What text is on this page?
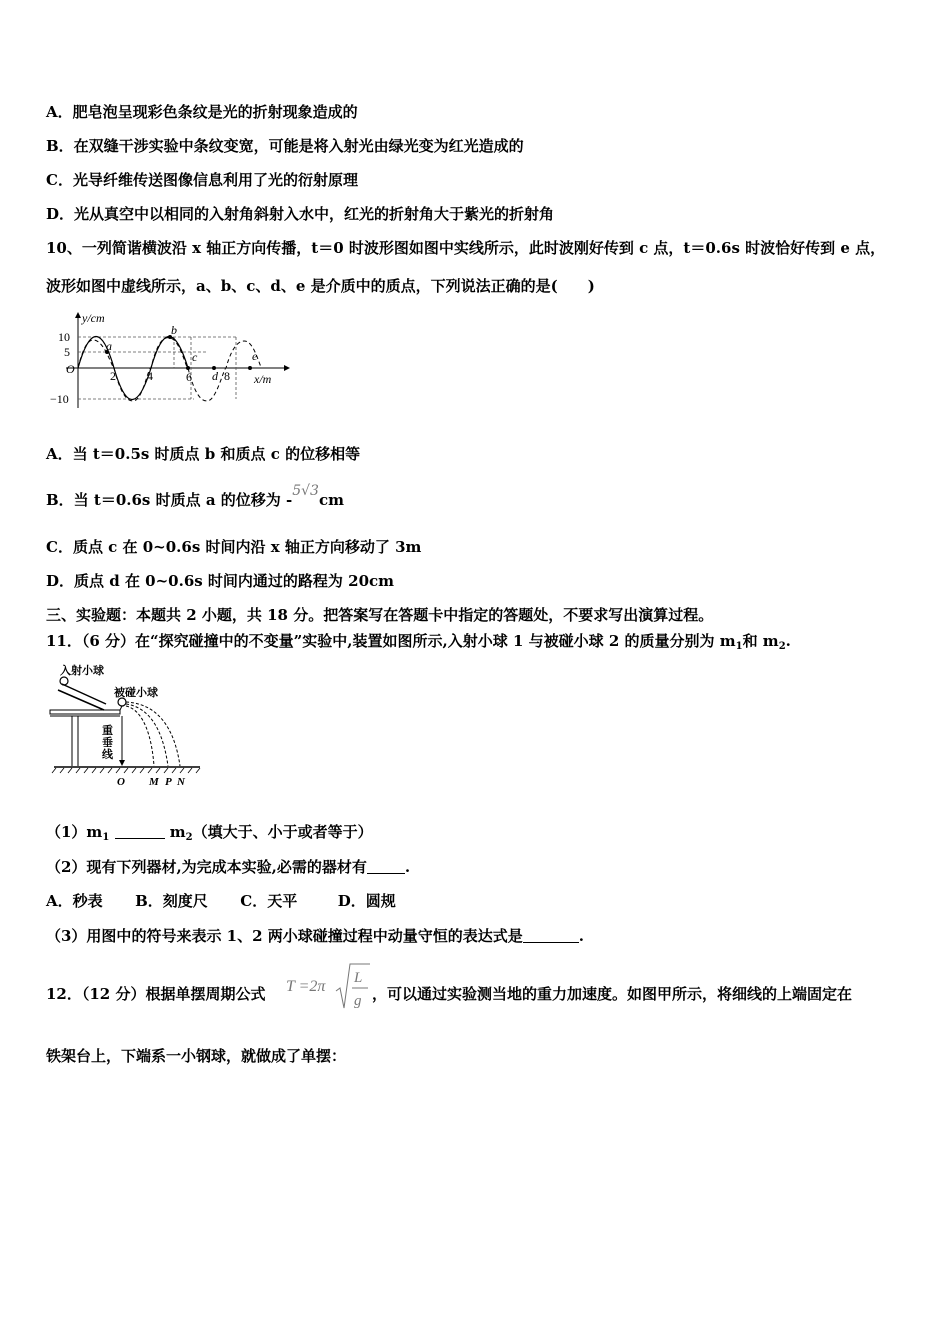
A．肥皂泡呈现彩色条纹是光的折射现象造成的
B．在双缝干涉实验中条纹变宽，可能是将入射光由绿光变为红光造成的
C．光导纤维传送图像信息利用了光的衍射原理
D．光从真空中以相同的入射角斜射入水中，红光的折射角大于紫光的折射角
10、一列简谐横波沿 x 轴正方向传播，t＝0 时波形图如图中实线所示，此时波刚好传到 c 点，t＝0.6s 时波恰好传到 e 点，
波形如图中虚线所示，a、b、c、d、e 是介质中的质点，下列说法正确的是(　　)
y/cm
x/m
O
10
5
−10
2	4	6	8
a
b
c
d
e
A．当 t＝0.5s 时质点 b 和质点 c 的位移相等
B．当 t＝0.6s 时质点 a 的位移为 -5√3cm
C．质点 c 在 0~0.6s 时间内沿 x 轴正方向移动了 3m
D．质点 d 在 0~0.6s 时间内通过的路程为 20cm
三、实验题：本题共 2 小题，共 18 分。把答案写在答题卡中指定的答题处，不要求写出演算过程。
11．（6 分）在“探究碰撞中的不变量”实验中,装置如图所示,入射小球 1 与被碰小球 2 的质量分别为 $m_1$和 $m_2$.
入射小球
被碰小球
重
垂
线
O M P N
$(1)m_1$	$m_2$（填大于、小于或者等于）
（2）现有下列器材,为完成本实验,必需的器材有	.
A．秒表 B．刻度尺 C．天平	D．圆规
（3）用图中的符号来表示 1、2 两小球碰撞过程中动量守恒的表达式是	.
12．（12 分）根据单摆周期公式 T =2π L
g ，可以通过实验测当地的重力加速度。如图甲所示，将细线的上端固定在
铁架台上，下端系一小钢球，就做成了单摆：
